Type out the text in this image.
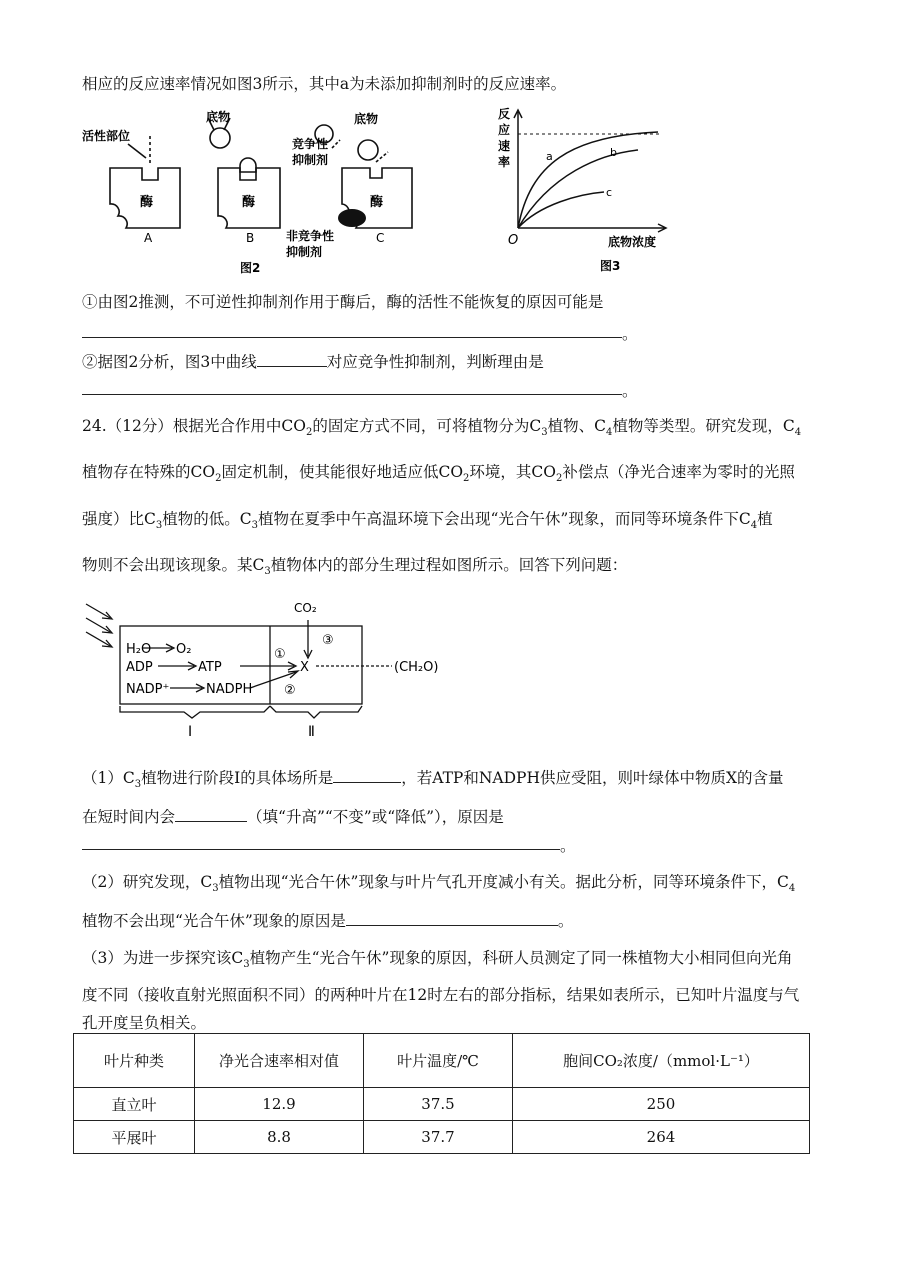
相应的反应速率情况如图3所示，其中a为未添加抑制剂时的反应速率。
活性部位
底物	底物
竞争性
抑制剂
非竞争性
抑制剂
酶	酶	酶
A	B	C
图2
反
应
速
率	a	b
c
O	底物浓度
图3
①由图2推测，不可逆性抑制剂作用于酶后，酶的活性不能恢复的原因可能是
。
②据图2分析，图3中曲线	对应竞争性抑制剂，判断理由是
。
24.（12分）根据光合作用中$CO_2$的固定方式不同，可将植物分为$C_3$植物、$C_4$植物等类型。研究发现，$C_4$
植物存在特殊的$CO_2$固定机制，使其能很好地适应低$CO_2$环境，其$CO_2$补偿点（净光合速率为零时的光照
强度）比$C_3$植物的低。$C_3$植物在夏季中午高温环境下会出现“光合午休”现象，而同等环境条件下$C_4$植
物则不会出现该现象。某$C_3$植物体内的部分生理过程如图所示。回答下列问题：
CO₂
H₂O O₂
ADP	ATP
NADP⁺	NADPH
X	(CH₂O)
①
②
③
Ⅰ	Ⅱ
$(1)C_3$植物进行阶段Ⅰ的具体场所是	，若ATP和NADPH供应受阻，则叶绿体中物质X的含量
在短时间内会	（填“升高”“不变”或“降低”），原因是
。
（2）研究发现，$C_3$植物出现“光合午休”现象与叶片气孔开度减小有关。据此分析，同等环境条件下，$C_4$
植物不会出现“光合午休”现象的原因是	。
（3）为进一步探究该$C_3$植物产生“光合午休”现象的原因，科研人员测定了同一株植物大小相同但向光角
度不同（接收直射光照面积不同）的两种叶片在12时左右的部分指标，结果如表所示，已知叶片温度与气
孔开度呈负相关。
叶片种类	净光合速率相对值	叶片温度/℃	胞间CO₂浓度/（mmol·L⁻¹）
直立叶	12.9	37.5	250
平展叶	8.8	37.7	264
